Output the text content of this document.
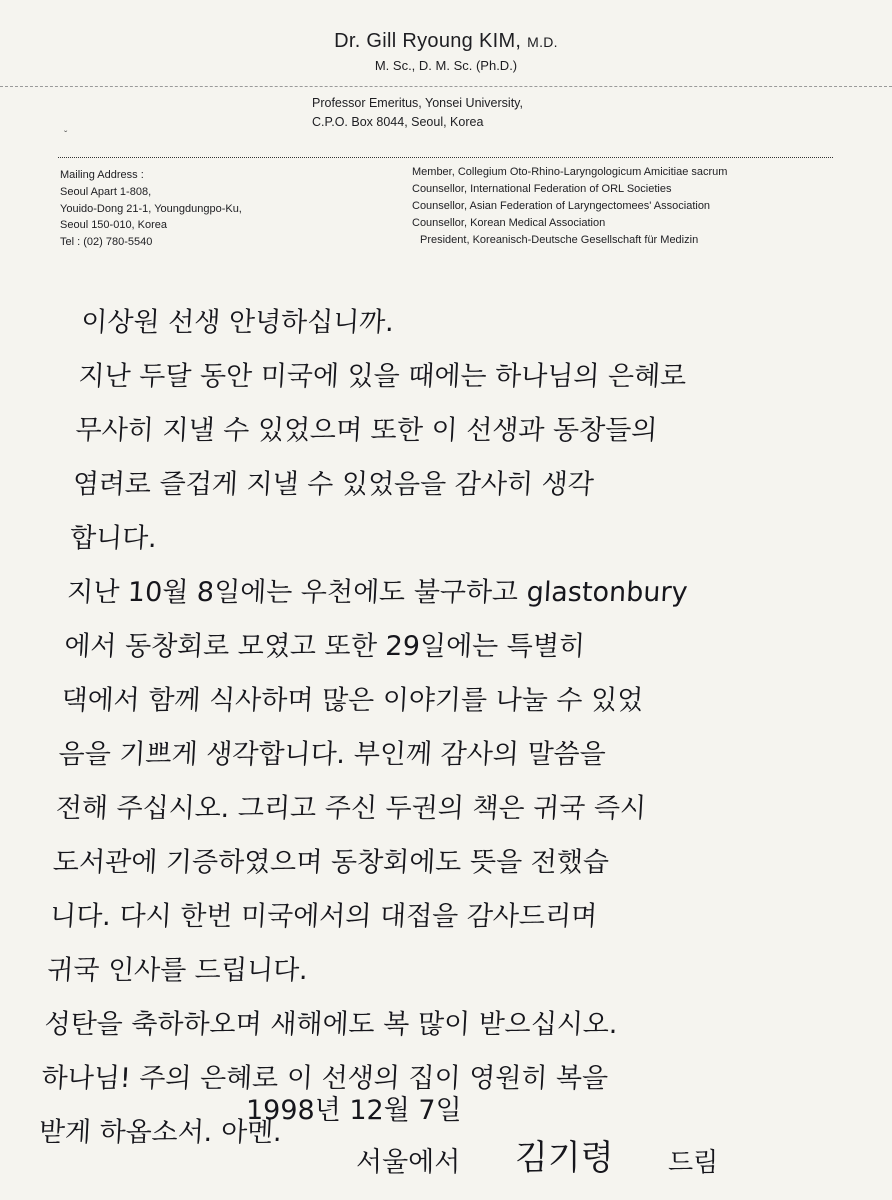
Dr. Gill Ryoung KIM, M.D.
M. Sc., D. M. Sc. (Ph.D.)
Professor Emeritus, Yonsei University,
C.P.O. Box 8044, Seoul, Korea
ˇ
Mailing Address :
Seoul Apart 1-808,
Youido-Dong 21-1, Youngdungpo-Ku,
Seoul 150-010, Korea
Tel : (02) 780-5540
Member, Collegium Oto-Rhino-Laryngologicum Amicitiae sacrum
Counsellor, International Federation of ORL Societies
Counsellor, Asian Federation of Laryngectomees' Association
Counsellor, Korean Medical Association
President, Koreanisch-Deutsche Gesellschaft für Medizin
이상원 선생 안녕하십니까.
지난 두달 동안 미국에 있을 때에는 하나님의 은혜로
무사히 지낼 수 있었으며 또한 이 선생과 동창들의
염려로 즐겁게 지낼 수 있었음을 감사히 생각
합니다.
지난 10월 8일에는 우천에도 불구하고 glastonbury
에서 동창회로 모였고 또한 29일에는 특별히
댁에서 함께 식사하며 많은 이야기를 나눌 수 있었
음을 기쁘게 생각합니다. 부인께 감사의 말씀을
전해 주십시오. 그리고 주신 두권의 책은 귀국 즉시
도서관에 기증하였으며 동창회에도 뜻을 전했습
니다. 다시 한번 미국에서의 대접을 감사드리며
귀국 인사를 드립니다.
성탄을 축하하오며 새해에도 복 많이 받으십시오.
하나님! 주의 은혜로 이 선생의 집이 영원히 복을
받게 하옵소서. 아멘.
1998년 12월 7일
서울에서 김기령 드림
